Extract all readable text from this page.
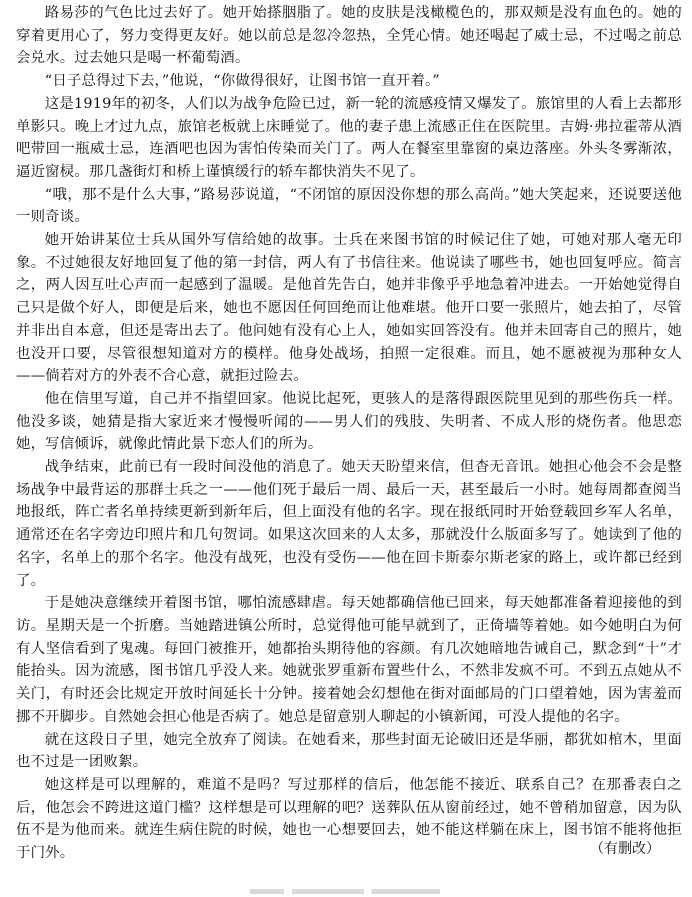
路易莎的气色比过去好了。她开始搽胭脂了。她的皮肤是浅橄榄色的，那双颊是没有血色的。她的穿着更用心了，努力变得更友好。她以前总是忽冷忽热，全凭心情。她还喝起了威士忌，不过喝之前总会兑水。过去她只是喝一杯葡萄酒。

“日子总得过下去，”他说，“你做得很好，让图书馆一直开着。”

这是1919年的初冬，人们以为战争危险已过，新一轮的流感疫情又爆发了。旅馆里的人看上去都形单影只。晚上才过九点，旅馆老板就上床睡觉了。他的妻子患上流感正住在医院里。吉姆·弗拉霍蒂从酒吧带回一瓶威士忌，连酒吧也因为害怕传染而关门了。两人在餐室里靠窗的桌边落座。外头冬雾渐浓，逼近窗棂。那几盏街灯和桥上谨慎缓行的轿车都快消失不见了。

“哦，那不是什么大事，”路易莎说道，“不闭馆的原因没你想的那么高尚。”她大笑起来，还说要送他一则奇谈。

她开始讲某位士兵从国外写信给她的故事。士兵在来图书馆的时候记住了她，可她对那人毫无印象。不过她很友好地回复了他的第一封信，两人有了书信往来。他说读了哪些书，她也回复呼应。简言之，两人因互吐心声而一起感到了温暖。是他首先告白，她并非像乎乎地急着冲进去。一开始她觉得自己只是做个好人，即便是后来，她也不愿因任何回绝而让他难堪。他开口要一张照片，她去拍了，尽管并非出自本意，但还是寄出去了。他问她有没有心上人，她如实回答没有。他并未回寄自己的照片，她也没开口要，尽管很想知道对方的模样。他身处战场，拍照一定很难。而且，她不愿被视为那种女人——倘若对方的外表不合心意，就拒过险去。

他在信里写道，自己并不指望回家。他说比起死，更骇人的是落得跟医院里见到的那些伤兵一样。他没多谈，她猜是指大家近来才慢慢听闻的——男人们的残肢、失明者、不成人形的烧伤者。他思恋她，写信倾诉，就像此情此景下恋人们的所为。

战争结束，此前已有一段时间没他的消息了。她天天盼望来信，但杳无音讯。她担心他会不会是整场战争中最背运的那群士兵之一——他们死于最后一周、最后一天，甚至最后一小时。她每周都查阅当地报纸，阵亡者名单持续更新到新年后，但上面没有他的名字。现在报纸同时开始登载回乡军人名单，通常还在名字旁边印照片和几句贺词。如果这次回来的人太多，那就没什么版面多写了。她读到了他的名字，名单上的那个名字。他没有战死，也没有受伤——他在回卡斯泰尔斯老家的路上，或许都已经到了。

于是她决意继续开着图书馆，哪怕流感肆虐。每天她都确信他已回来，每天她都准备着迎接他的到访。星期天是一个折磨。当她踏进镇公所时，总觉得他可能早就到了，正倚墙等着她。如今她明白为何有人坚信看到了鬼魂。每回门被推开，她都抬头期待他的容颜。有几次她暗地告诫自己，默念到“十”才能抬头。因为流感，图书馆几乎没人来。她就张罗重新布置些什么，不然非发疯不可。不到五点她从不关门，有时还会比规定开放时间延长十分钟。接着她会幻想他在街对面邮局的门口望着她，因为害羞而挪不开脚步。自然她会担心他是否病了。她总是留意别人聊起的小镇新闻，可没人提他的名字。

就在这段日子里，她完全放弃了阅读。在她看来，那些封面无论破旧还是华丽，都犹如棺木，里面也不过是一团败絮。

她这样是可以理解的，难道不是吗？写过那样的信后，他怎能不接近、联系自己？在那番表白之后，他怎会不跨进这道门槛？这样想是可以理解的吧？送葬队伍从窗前经过，她不曾稍加留意，因为队伍不是为他而来。就连生病住院的时候，她也一心想要回去，她不能这样躺在床上，图书馆不能将他拒于门外。	（有删改）
